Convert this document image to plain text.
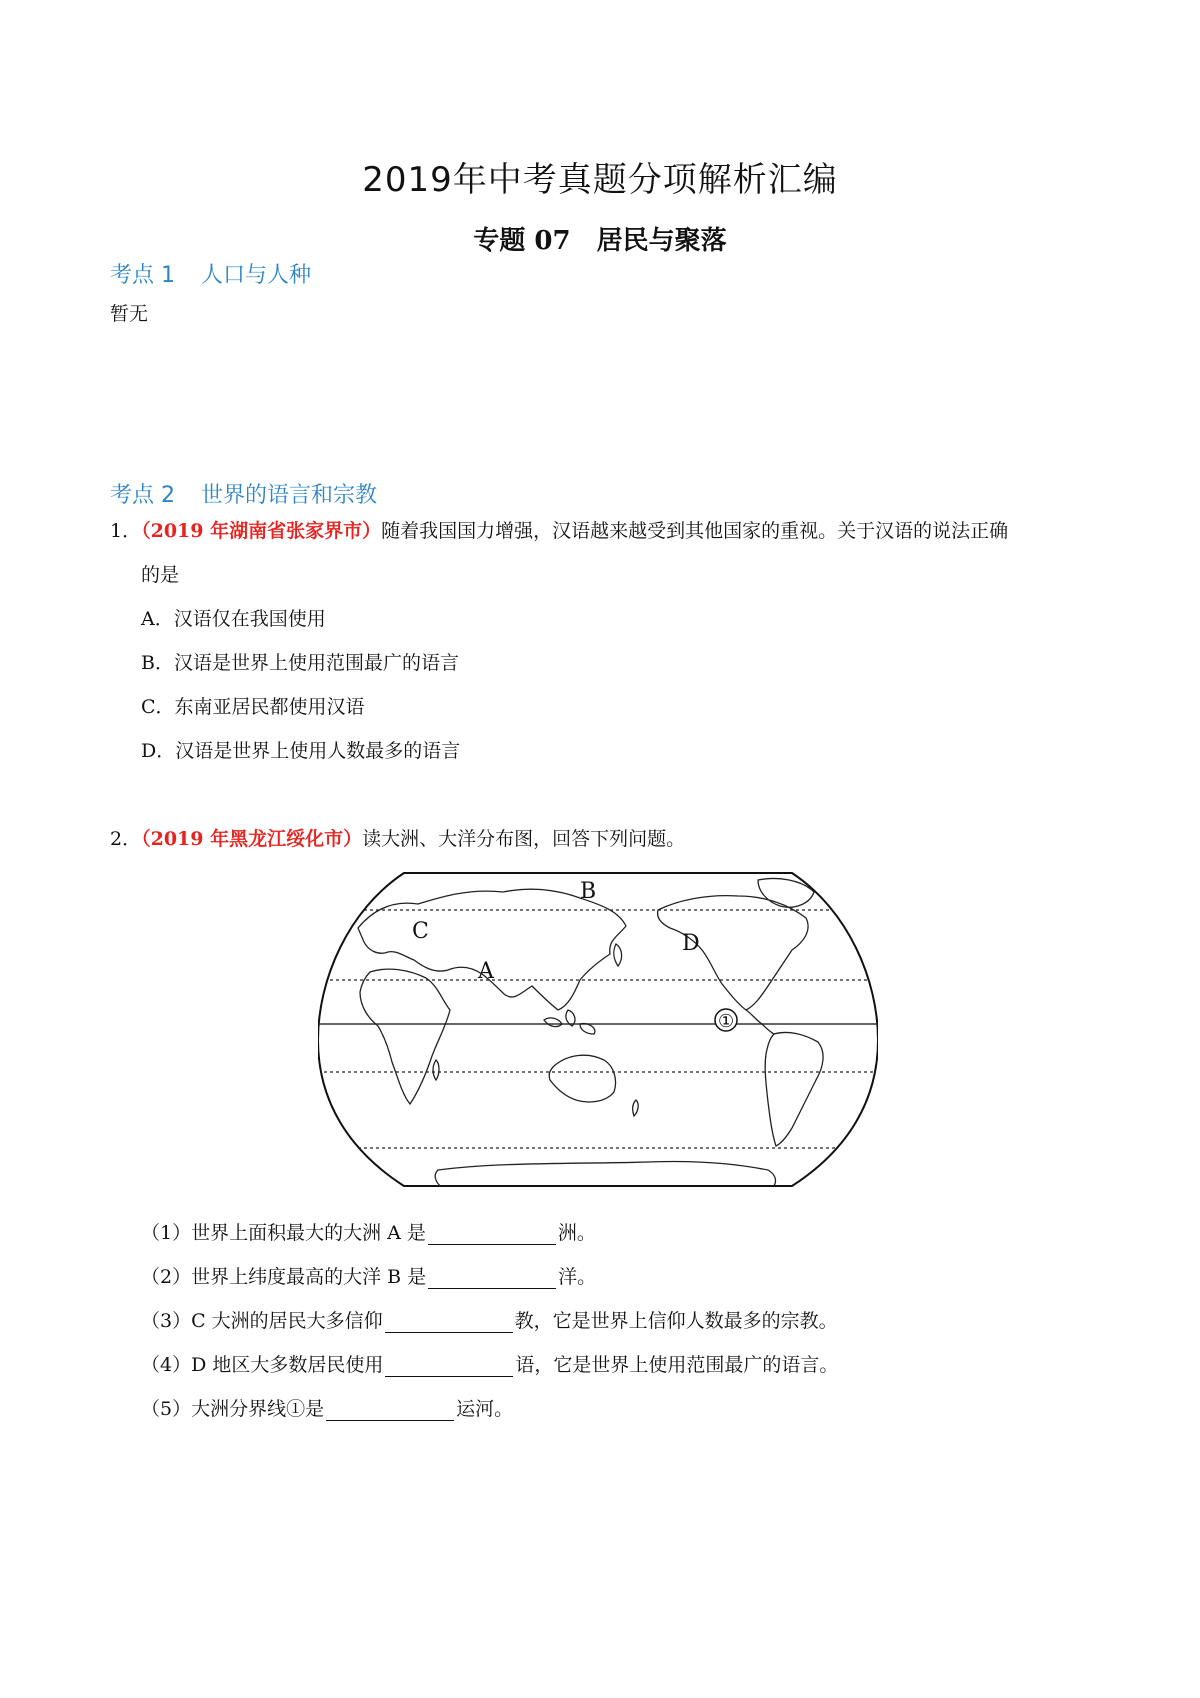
2019年中考真题分项解析汇编
专题 07　居民与聚落
考点 1 人口与人种
暂无
考点 2 世界的语言和宗教
1．（2019 年湖南省张家界市）随着我国国力增强，汉语越来越受到其他国家的重视。关于汉语的说法正确
的是
A．汉语仅在我国使用
B．汉语是世界上使用范围最广的语言
C．东南亚居民都使用汉语
D．汉语是世界上使用人数最多的语言
2．（2019 年黑龙江绥化市）读大洲、大洋分布图，回答下列问题。
A
B
C	D
①
（1）世界上面积最大的大洲 A 是	洲。
（2）世界上纬度最高的大洋 B 是	洋。
（3）C 大洲的居民大多信仰	教，它是世界上信仰人数最多的宗教。
（4）D 地区大多数居民使用	语，它是世界上使用范围最广的语言。
（5）大洲分界线①是	运河。
